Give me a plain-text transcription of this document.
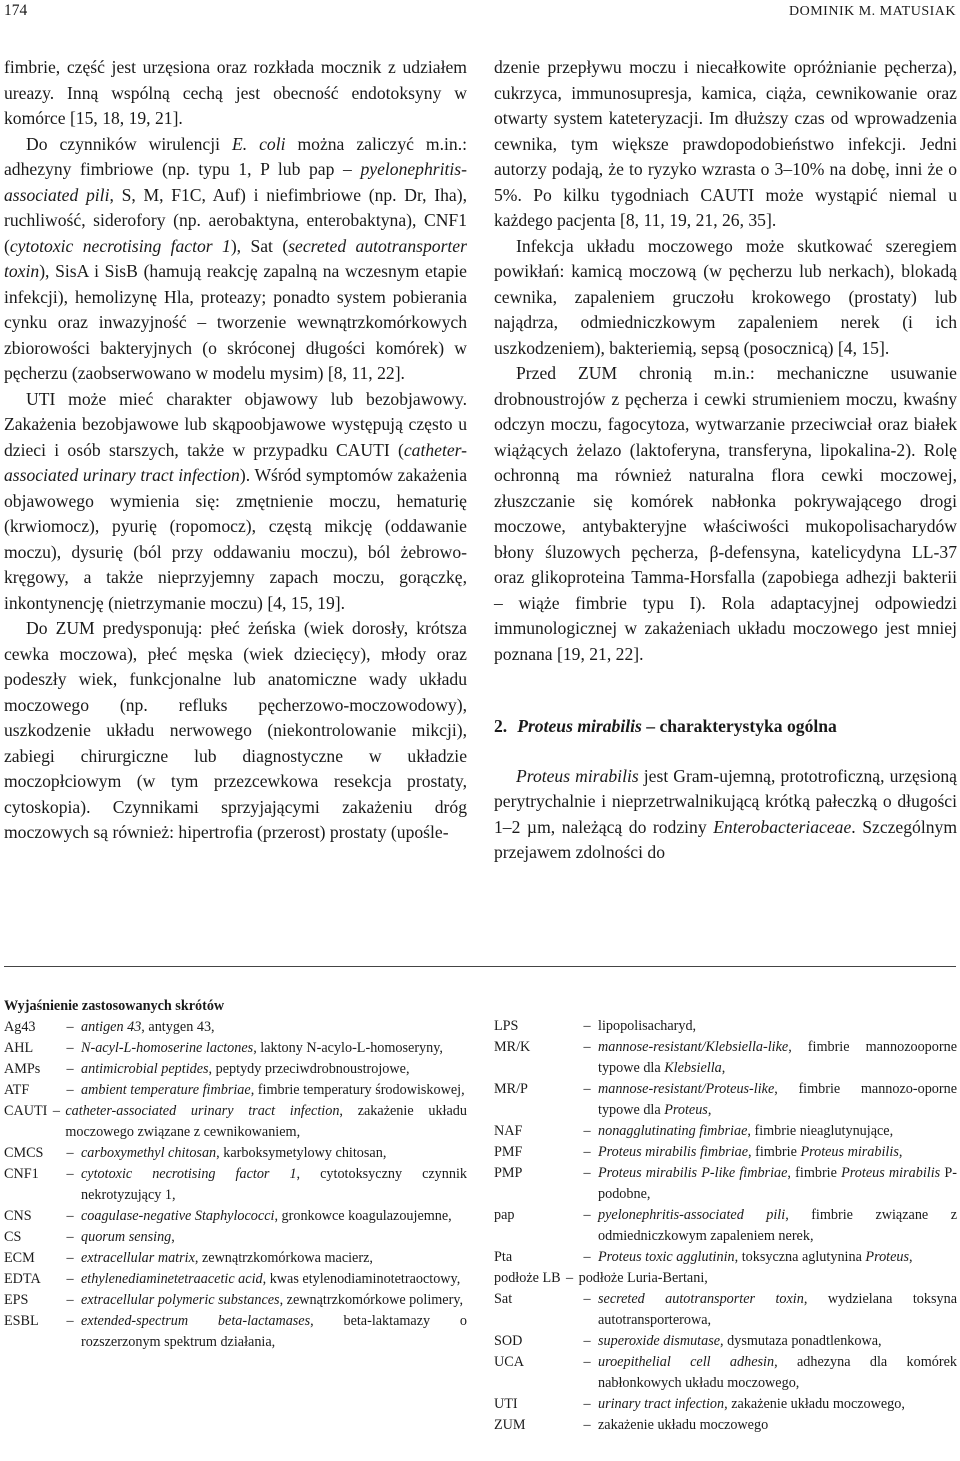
174	DOMINIK M. MATUSIAK

fimbrie, część jest urzęsiona oraz rozkłada mocznik z udziałem ureazy. Inną wspólną cechą jest obecność endotoksyny w komórce [15, 18, 19, 21].

Do czynników wirulencji E. coli można zaliczyć m.in.: adhezyny fimbriowe (np. typu 1, P lub pap – pyelonephritis-associated pili, S, M, F1C, Auf) i niefimbriowe (np. Dr, Iha), ruchliwość, siderofory (np. aerobaktyna, enterobaktyna), CNF1 (cytotoxic necrotising factor 1), Sat (secreted autotransporter toxin), SisA i SisB (hamują reakcję zapalną na wczesnym etapie infekcji), hemolizynę Hla, proteazy; ponadto system pobierania cynku oraz inwazyjność – tworzenie wewnątrzkomórkowych zbiorowości bakteryjnych (o skróconej długości komórek) w pęcherzu (zaobserwowano w modelu mysim) [8, 11, 22].

UTI może mieć charakter objawowy lub bezobjawowy. Zakażenia bezobjawowe lub skąpoobjawowe występują często u dzieci i osób starszych, także w przypadku CAUTI (catheter-associated urinary tract infection). Wśród symptomów zakażenia objawowego wymienia się: zmętnienie moczu, hematurię (krwiomocz), pyurię (ropomocz), częstą mikcję (oddawanie moczu), dysurię (ból przy oddawaniu moczu), ból żebrowo-kręgowy, a także nieprzyjemny zapach moczu, gorączkę, inkontynencję (nietrzymanie moczu) [4, 15, 19].

Do ZUM predysponują: płeć żeńska (wiek dorosły, krótsza cewka moczowa), płeć męska (wiek dziecięcy), młody oraz podeszły wiek, funkcjonalne lub anatomiczne wady układu moczowego (np. refluks pęcherzowo-moczowodowy), uszkodzenie układu nerwowego (niekontrolowanie mikcji), zabiegi chirurgiczne lub diagnostyczne w układzie moczopłciowym (w tym przezcewkowa resekcja prostaty, cytoskopia). Czynnikami sprzyjającymi zakażeniu dróg moczowych są również: hipertrofia (przerost) prostaty (upośle-

dzenie przepływu moczu i niecałkowite opróżnianie pęcherza), cukrzyca, immunosupresja, kamica, ciąża, cewnikowanie oraz otwarty system kateteryzacji. Im dłuższy czas od wprowadzenia cewnika, tym większe prawdopodobieństwo infekcji. Jedni autorzy podają, że to ryzyko wzrasta o 3–10% na dobę, inni że o 5%. Po kilku tygodniach CAUTI może wystąpić niemal u każdego pacjenta [8, 11, 19, 21, 26, 35].

Infekcja układu moczowego może skutkować szeregiem powikłań: kamicą moczową (w pęcherzu lub nerkach), blokadą cewnika, zapaleniem gruczołu krokowego (prostaty) lub najądrza, odmiedniczkowym zapaleniem nerek (i ich uszkodzeniem), bakteriemią, sepsą (posocznicą) [4, 15].

Przed ZUM chronią m.in.: mechaniczne usuwanie drobnoustrojów z pęcherza i cewki strumieniem moczu, kwaśny odczyn moczu, fagocytoza, wytwarzanie przeciwciał oraz białek wiążących żelazo (laktoferyna, transferyna, lipokalina-2). Rolę ochronną ma również naturalna flora cewki moczowej, złuszczanie się komórek nabłonka pokrywającego drogi moczowe, antybakteryjne właściwości mukopolisacharydów błony śluzowych pęcherza, β-defensyna, katelicydyna LL-37 oraz glikoproteina Tamma-Horsfalla (zapobiega adhezji bakterii – wiąże fimbrie typu I). Rola adaptacyjnej odpowiedzi immunologicznej w zakażeniach układu moczowego jest mniej poznana [19, 21, 22].

2. Proteus mirabilis – charakterystyka ogólna

Proteus mirabilis jest Gram-ujemną, prototroficzną, urzęsioną perytrychalnie i nieprzetrwalnikującą krótką pałeczką o długości 1–2 µm, należącą do rodziny Enterobacteriaceae. Szczególnym przejawem zdolności do

Wyjaśnienie zastosowanych skrótów
Ag43	– antigen 43, antygen 43,
AHL	– N-acyl-L-homoserine lactones, laktony N-acylo-L-homoseryny,
AMPs	– antimicrobial peptides, peptydy przeciwdrobnoustrojowe,
ATF	– ambient temperature fimbriae, fimbrie temperatury środowiskowej,
CAUTI – catheter-associated urinary tract infection, zakażenie układu moczowego związane z cewnikowaniem,
CMCS	– carboxymethyl chitosan, karboksymetylowy chitosan,
CNF1	– cytotoxic necrotising factor 1, cytotoksyczny czynnik nekrotyzujący 1,
CNS	– coagulase-negative Staphylococci, gronkowce koagulazoujemne,
CS	– quorum sensing,
ECM	– extracellular matrix, zewnątrzkomórkowa macierz,
EDTA	– ethylenediaminetetraacetic acid, kwas etylenodiaminotetraoctowy,
EPS	– extracellular polymeric substances, zewnątrzkomórkowe polimery,
ESBL	– extended-spectrum beta-lactamases, beta-laktamazy o rozszerzonym spektrum działania,
LPS	– lipopolisacharyd,
MR/K	– mannose-resistant/Klebsiella-like, fimbrie mannozooporne typowe dla Klebsiella,
MR/P	– mannose-resistant/Proteus-like, fimbrie mannozo-oporne typowe dla Proteus,
NAF	– nonagglutinating fimbriae, fimbrie nieaglutynujące,
PMF	– Proteus mirabilis fimbriae, fimbrie Proteus mirabilis,
PMP	– Proteus mirabilis P-like fimbriae, fimbrie Proteus mirabilis P-podobne,
pap	– pyelonephritis-associated pili, fimbrie związane z odmiedniczkowym zapaleniem nerek,
Pta	– Proteus toxic agglutinin, toksyczna aglutynina Proteus,
podłoże LB – podłoże Luria-Bertani,
Sat	– secreted autotransporter toxin, wydzielana toksyna autotransporterowa,
SOD	– superoxide dismutase, dysmutaza ponadtlenkowa,
UCA	– uroepithelial cell adhesin, adhezyna dla komórek nabłonkowych układu moczowego,
UTI	– urinary tract infection, zakażenie układu moczowego,
ZUM	– zakażenie układu moczowego
